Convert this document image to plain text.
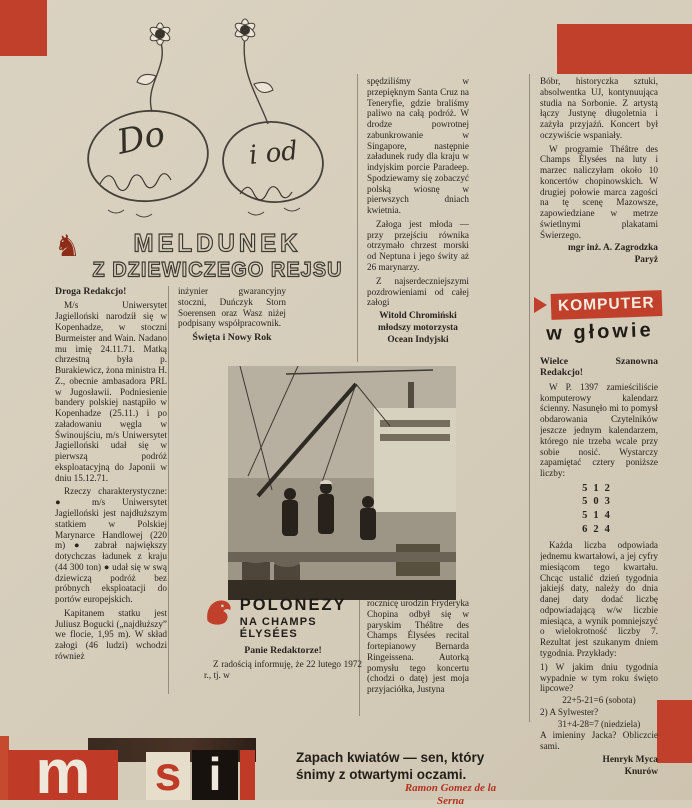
Do	i od
♞	MELDUNEK
Z DZIEWICZEGO REJSU

Droga Redakcjo!

M/s Uniwersytet Jagielloński narodził się w Kopenhadze, w stoczni Burmeister and Wain. Nadano mu imię 24.11.71. Matką chrzestną była p. Burakiewicz, żona ministra H. Z., obecnie ambasadora PRL w Jugosławii. Podniesienie bandery polskiej nastąpiło w Kopenhadze (25.11.) i po załadowaniu węgla w Świnoujściu, m/s Uniwersytet Jagielloński udał się w pierwszą podróż eksploatacyjną do Japonii w dniu 15.12.71.

Rzeczy charakterystyczne: ● m/s Uniwersytet Jagielloński jest najdłuższym statkiem w Polskiej Marynarce Handlowej (220 m) ● zabrał największy dotychczas ładunek z kraju (44 300 ton) ● udał się w swą dziewiczą podróż bez próbnych eksploatacji do portów europejskich.

Kapitanem statku jest Juliusz Bogucki („najdłuższy” we flocie, 1,95 m). W skład załogi (46 ludzi) wchodzi również

inżynier gwarancyjny stoczni, Duńczyk Storn Soerensen oraz Wasz niżej podpisany współpracownik.

Święta i Nowy Rok

spędziliśmy w przepięknym Santa Cruz na Teneryfie, gdzie braliśmy paliwo na całą podróż. W drodze powrotnej zabunkrowanie w Singapore, następnie załadunek rudy dla kraju w indyjskim porcie Paradeep. Spodziewamy się zobaczyć polską wiosnę w pierwszych dniach kwietnia.

Załoga jest młoda — przy przejściu równika otrzymało chrzest morski od Neptuna i jego świty aż 26 marynarzy.

Z najserdeczniejszymi pozdrowieniami od całej załogi

Witold Chromiński
młodszy motorzysta
Ocean Indyjski

Bóbr, historyczka sztuki, absolwentka UJ, kontynuująca studia na Sorbonie. Z artystą łączy Justynę długoletnia i zażyła przyjaźń. Koncert był oczywiście wspaniały.

W programie Théâtre des Champs Élysées na luty i marzec naliczyłam około 10 koncertów chopinowskich. W drugiej połowie marca zagości na tę scenę Mazowsze, zapowiedziane w metrze świetlnymi plakatami Świerzego.

mgr inż. A. Zagrodzka
Paryż
KOMPUTER
w głowie

Wielce Szanowna Redakcjo!

W P. 1397 zamieściliście komputerowy kalendarz ścienny. Nasunęło mi to pomysł obdarowania Czytelników jeszcze jednym kalendarzem, którego nie trzeba wcale przy sobie nosić. Wystarczy zapamiętać cztery poniższe liczby:

512
503
514
624

Każda liczba odpowiada jednemu kwartałowi, a jej cyfry miesiącom tego kwartału. Chcąc ustalić dzień tygodnia jakiejś daty, należy do dnia danej daty dodać liczbę odpowiadającą w/w liczbie miesiąca, a wynik pomniejszyć o wielokrotność liczby 7. Rezultat jest szukanym dniem tygodnia. Przykłady:

1) W jakim dniu tygodnia wypadnie w tym roku święto lipcowe?

22+5-21=6 (sobota)

2) A Sylwester?

31+4-28=7 (niedziela)

A imieniny Jacka? Obliczcie sami.

Henryk Myca
Knurów
POLONEZY
NA CHAMPS ÉLYSÉES

Panie Redaktorze!

Z radością informuję, że 22 lutego 1972 r., tj. w

rocznicę urodzin Fryderyka Chopina odbył się w paryskim Théâtre des Champs Élysées recital fortepianowy Bernarda Ringeissena. Autorką pomysłu tego koncertu (chodzi o datę) jest moja przyjaciółka, Justyna

Zapach kwiatów — sen, który śnimy z otwartymi oczami.
Ramon Gomez de la Serna
m	s i
